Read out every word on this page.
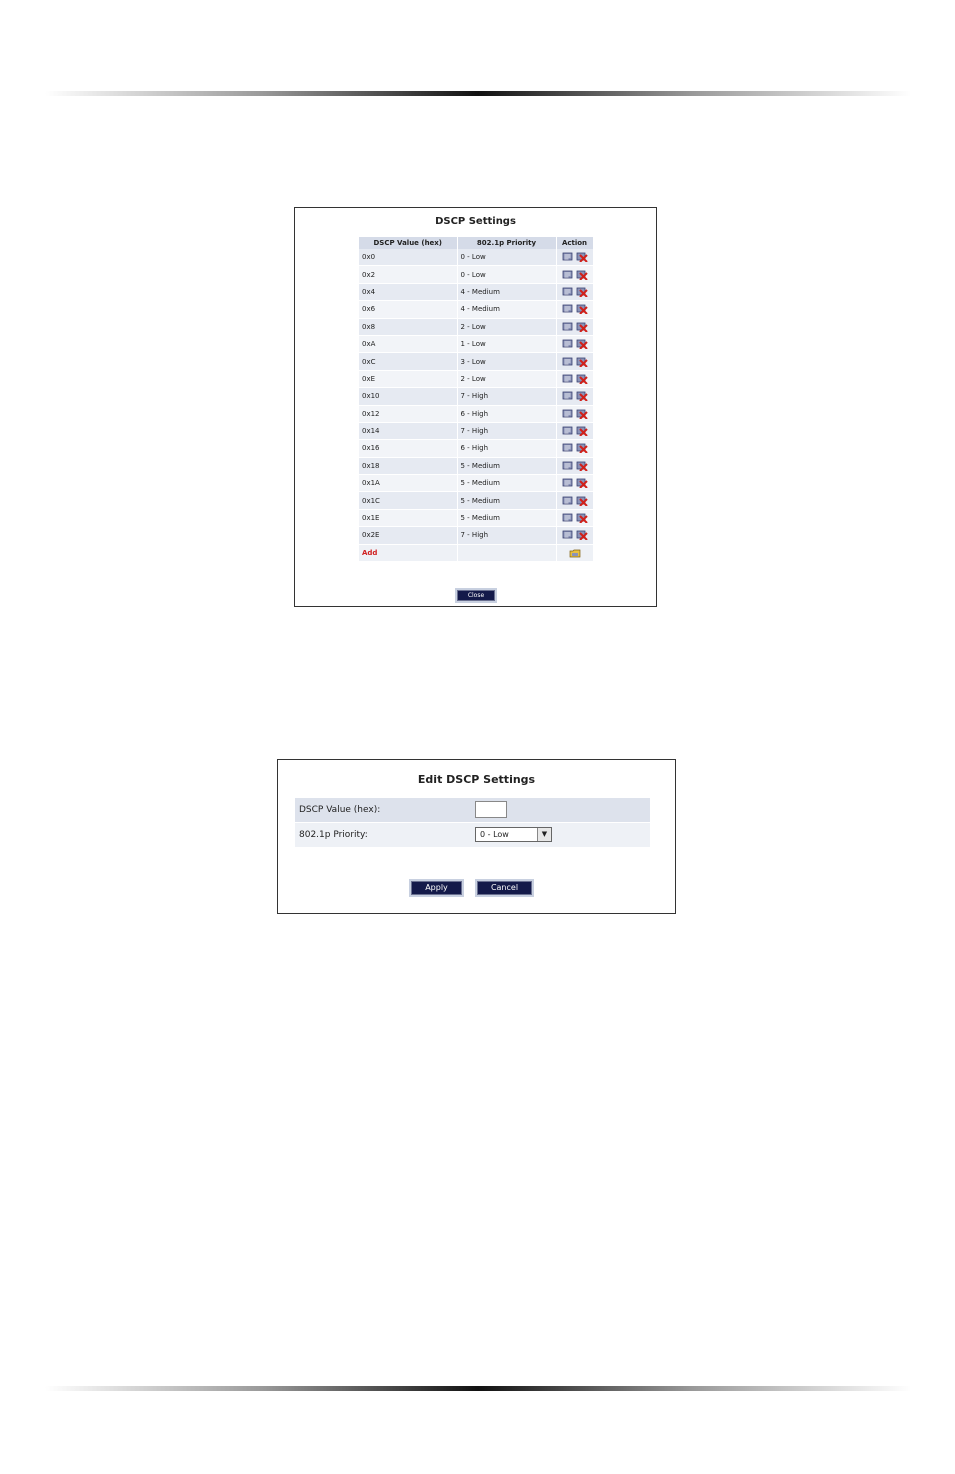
DSCP Settings
DSCP Value (hex)	802.1p Priority	Action
0x0	0 - Low	
0x2	0 - Low	
0x4	4 - Medium	
0x6	4 - Medium	
0x8	2 - Low	
0xA	1 - Low	
0xC	3 - Low	
0xE	2 - Low	
0x10	7 - High	
0x12	6 - High	
0x14	7 - High	
0x16	6 - High	
0x18	5 - Medium	
0x1A	5 - Medium	
0x1C	5 - Medium	
0x1E	5 - Medium	
0x2E	7 - High	
Add		
Close
Edit DSCP Settings
DSCP Value (hex):
802.1p Priority:	0 - Low	▼
Apply	Cancel
